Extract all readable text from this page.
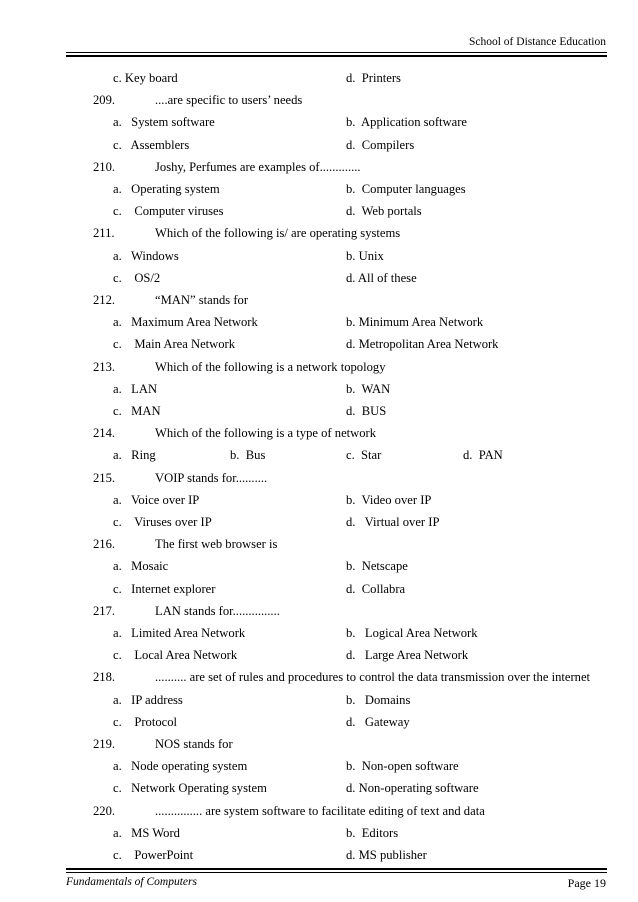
School of Distance Education
c. Key board	d.  Printers
209.	....are specific to users’ needs
a.   System software	b.  Application software
c.   Assemblers	d.  Compilers
210.	Joshy, Perfumes are examples of.............
a.   Operating system	b.  Computer languages
c.    Computer viruses	d.  Web portals
211.	Which of the following is/ are operating systems
a.   Windows	b. Unix
c.    OS/2	d. All of these
212.	“MAN” stands for
a.   Maximum Area Network	b. Minimum Area Network
c.    Main Area Network	d. Metropolitan Area Network
213.	Which of the following is a network topology
a.   LAN	b.  WAN
c.   MAN	d.  BUS
214.	Which of the following is a type of network
a.   Ring	b.  Bus	c.  Star	d.  PAN
215.	VOIP stands for..........
a.   Voice over IP	b.  Video over IP
c.    Viruses over IP	d.   Virtual over IP
216.	The first web browser is
a.   Mosaic	b.  Netscape
c.   Internet explorer	d.  Collabra
217.	LAN stands for...............
a.   Limited Area Network	b.   Logical Area Network
c.    Local Area Network	d.   Large Area Network
218.	.......... are set of rules and procedures to control the data transmission over the internet
a.   IP address	b.   Domains
c.    Protocol	d.   Gateway
219.	NOS stands for
a.   Node operating system	b.  Non-open software
c.   Network Operating system	d. Non-operating software
220.	............... are system software to facilitate editing of text and data
a.   MS Word	b.  Editors
c.    PowerPoint	d. MS publisher
Fundamentals of Computers	Page 19
